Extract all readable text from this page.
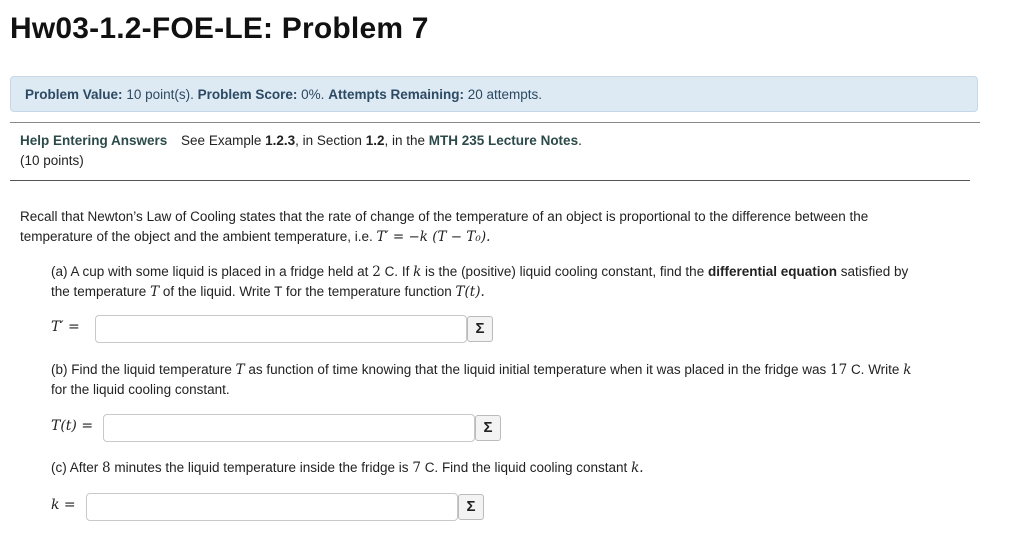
Hw03-1.2-FOE-LE: Problem 7
Problem Value: 10 point(s). Problem Score: 0%. Attempts Remaining: 20 attempts.
Help Entering Answers See Example 1.2.3, in Section 1.2, in the MTH 235 Lecture Notes.
(10 points)
Recall that Newton’s Law of Cooling states that the rate of change of the temperature of an object is proportional to the difference between the
temperature of the object and the ambient temperature, i.e. T′ = −k (T − T₀).
(a) A cup with some liquid is placed in a fridge held at 2 C. If k is the (positive) liquid cooling constant, find the differential equation satisfied by
the temperature T of the liquid. Write T for the temperature function T(t).
T′ =	Σ
(b) Find the liquid temperature T as function of time knowing that the liquid initial temperature when it was placed in the fridge was 17 C. Write k
for the liquid cooling constant.
T(t) =	Σ
(c) After 8 minutes the liquid temperature inside the fridge is 7 C. Find the liquid cooling constant k.
k =	Σ
